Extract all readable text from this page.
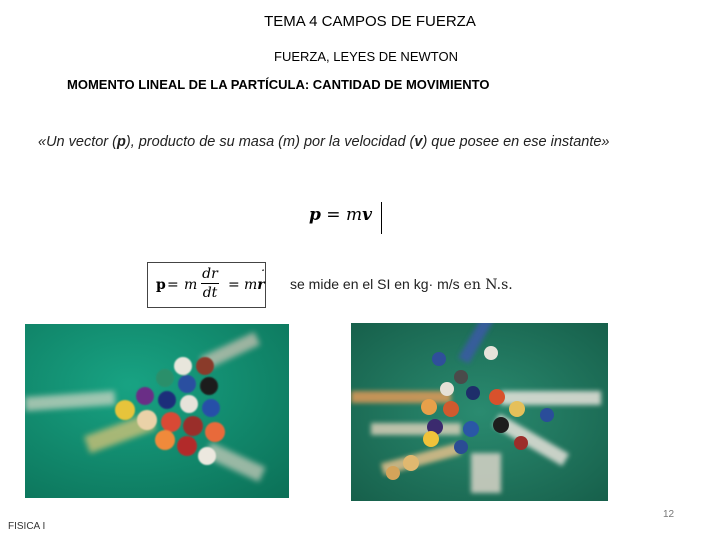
TEMA 4 CAMPOS DE FUERZA
FUERZA, LEYES DE NEWTON
MOMENTO LINEAL DE LA PARTÍCULA: CANTIDAD DE MOVIMIENTO
«Un vector (p), producto de su masa (m) por la velocidad (v) que posee en ese instante»
p = mv
p = m
dr
dt = mr ˙ se mide en el SI en kg· m/s en N.s.
FISICA I
12
